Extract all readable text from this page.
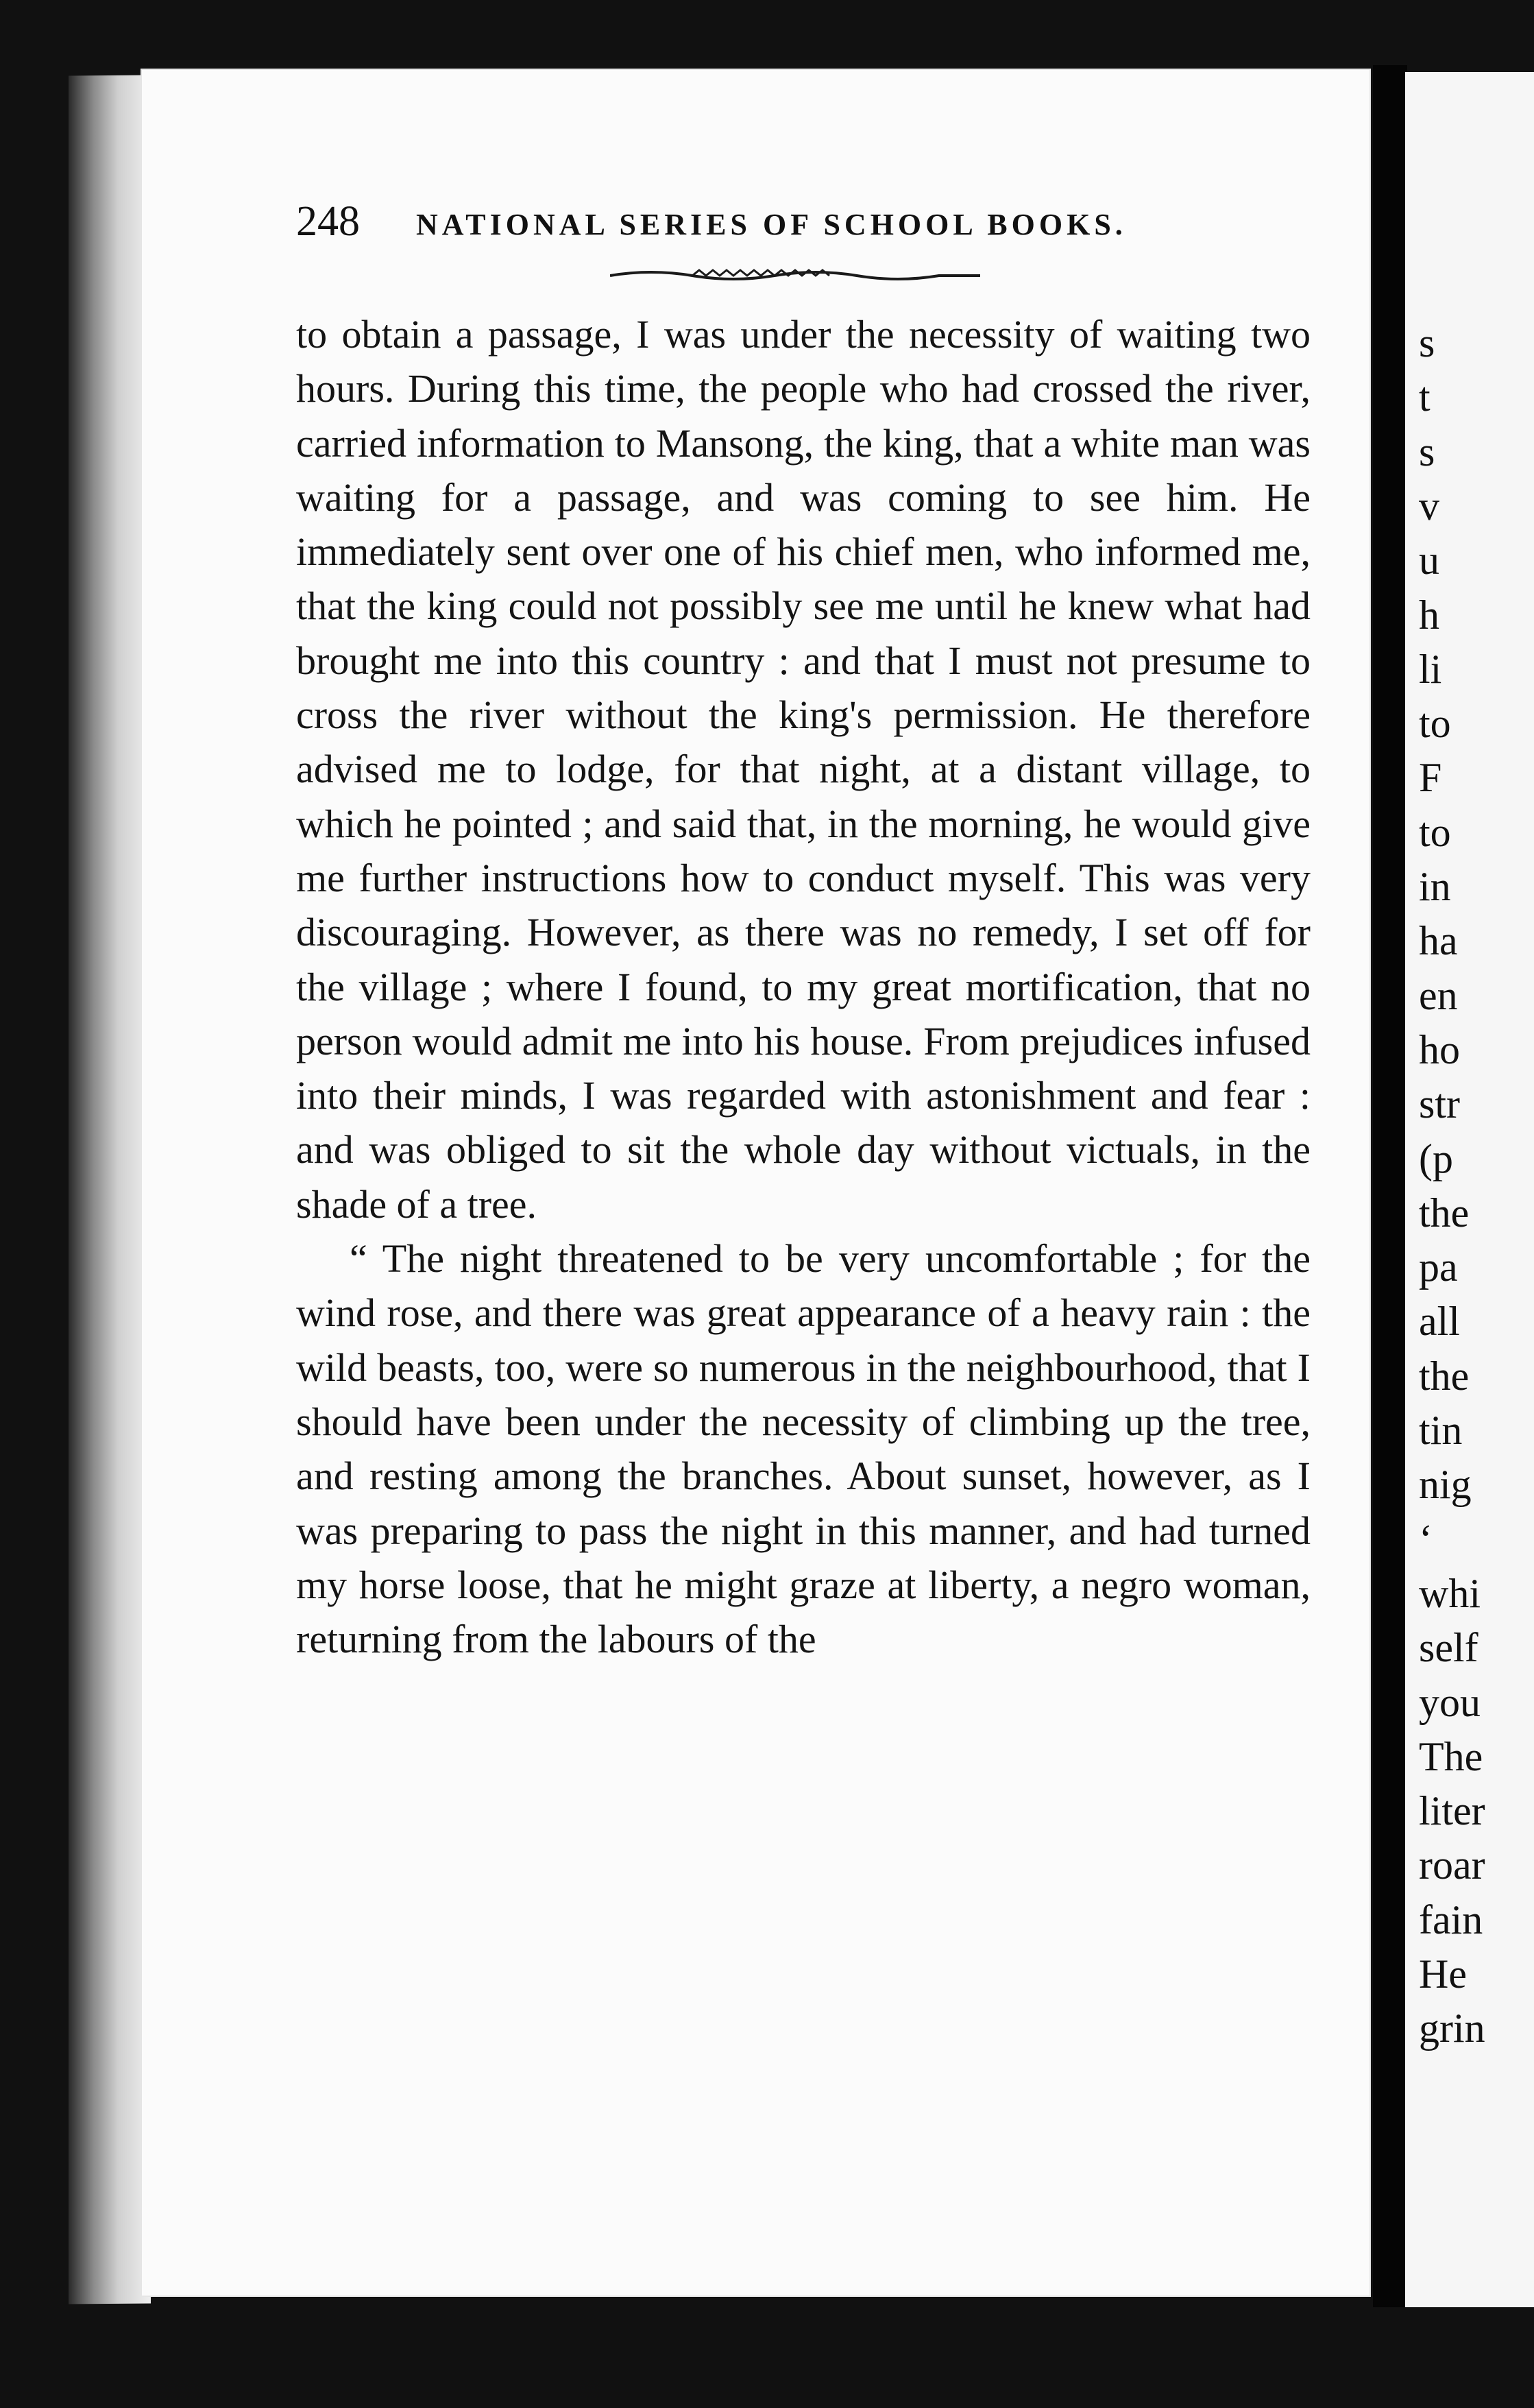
248 NATIONAL SERIES OF SCHOOL BOOKS.

to obtain a passage, I was under the necessity of waiting two hours. During this time, the people who had crossed the river, carried information to Mansong, the king, that a white man was waiting for a passage, and was coming to see him. He immediately sent over one of his chief men, who informed me, that the king could not possibly see me until he knew what had brought me into this country : and that I must not presume to cross the river without the king's permission. He therefore advised me to lodge, for that night, at a distant village, to which he pointed ; and said that, in the morning, he would give me further instructions how to conduct myself. This was very discouraging. However, as there was no remedy, I set off for the village ; where I found, to my great mortification, that no person would admit me into his house. From prejudices infused into their minds, I was regarded with astonishment and fear : and was obliged to sit the whole day without victuals, in the shade of a tree.

“ The night threatened to be very uncomfortable ; for the wind rose, and there was great appearance of a heavy rain : the wild beasts, too, were so numerous in the neighbourhood, that I should have been under the necessity of climbing up the tree, and resting among the branches. About sunset, however, as I was preparing to pass the night in this manner, and had turned my horse loose, that he might graze at liberty, a negro woman, returning from the labours of the

s
t
s
v
u
h
li
to
F
to
in
ha
en
ho
str
(p
the
pa
all
the
tin
nig
‘
whi
self
you
The
liter
roar
fain
He
grin
